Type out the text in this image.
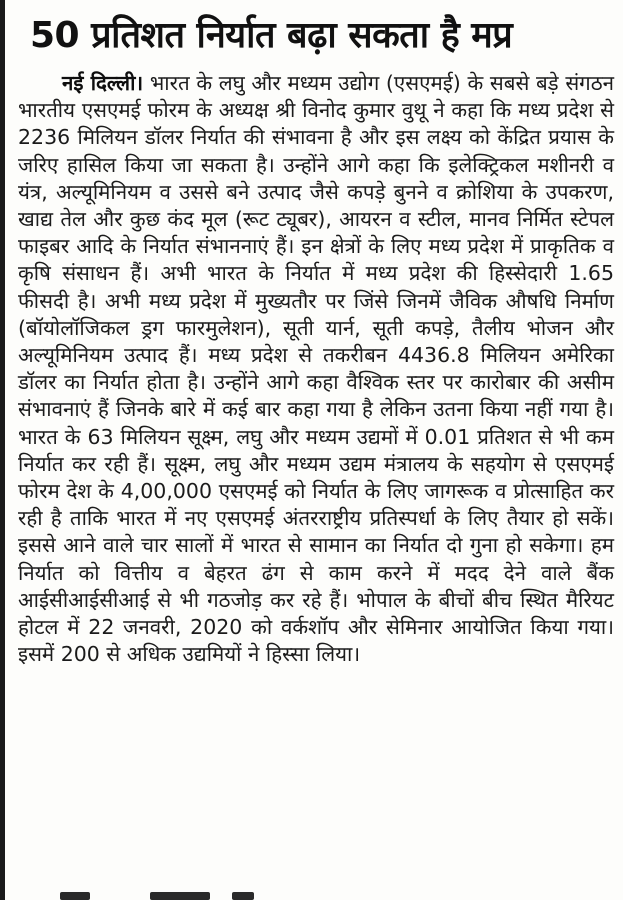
50 प्रतिशत निर्यात बढ़ा सकता है मप्र

नई दिल्ली। भारत के लघु और मध्यम उद्योग (एसएमई) के सबसे बड़े संगठन भारतीय एसएमई फोरम के अध्यक्ष श्री विनोद कुमार वुथू ने कहा कि मध्य प्रदेश से 2236 मिलियन डॉलर निर्यात की संभावना है और इस लक्ष्य को केंद्रित प्रयास के जरिए हासिल किया जा सकता है। उन्होंने आगे कहा कि इलेक्ट्रिकल मशीनरी व यंत्र, अल्यूमिनियम व उससे बने उत्पाद जैसे कपड़े बुनने व क्रोशिया के उपकरण, खाद्य तेल और कुछ कंद मूल (रूट ट्यूबर), आयरन व स्टील, मानव निर्मित स्टेपल फाइबर आदि के निर्यात संभाननाएं हैं। इन क्षेत्रों के लिए मध्य प्रदेश में प्राकृतिक व कृषि संसाधन हैं। अभी भारत के निर्यात में मध्य प्रदेश की हिस्सेदारी 1.65 फीसदी है। अभी मध्य प्रदेश में मुख्यतौर पर जिंसे जिनमें जैविक औषधि निर्माण (बॉयोलॉजिकल ड्रग फारमुलेशन), सूती यार्न, सूती कपड़े, तैलीय भोजन और अल्यूमिनियम उत्पाद हैं। मध्य प्रदेश से तकरीबन 4436.8 मिलियन अमेरिका डॉलर का निर्यात होता है। उन्होंने आगे कहा वैश्विक स्तर पर कारोबार की असीम संभावनाएं हैं जिनके बारे में कई बार कहा गया है लेकिन उतना किया नहीं गया है। भारत के 63 मिलियन सूक्ष्म, लघु और मध्यम उद्यमों में 0.01 प्रतिशत से भी कम निर्यात कर रही हैं। सूक्ष्म, लघु और मध्यम उद्यम मंत्रालय के सहयोग से एसएमई फोरम देश के 4,00,000 एसएमई को निर्यात के लिए जागरूक व प्रोत्साहित कर रही है ताकि भारत में नए एसएमई अंतरराष्ट्रीय प्रतिस्पर्धा के लिए तैयार हो सकें। इससे आने वाले चार सालों में भारत से सामान का निर्यात दो गुना हो सकेगा। हम निर्यात को वित्तीय व बेहरत ढंग से काम करने में मदद देने वाले बैंक आईसीआईसीआई से भी गठजोड़ कर रहे हैं। भोपाल के बीचों बीच स्थित मैरियट होटल में 22 जनवरी, 2020 को वर्कशॉप और सेमिनार आयोजित किया गया। इसमें 200 से अधिक उद्यमियों ने हिस्सा लिया।
